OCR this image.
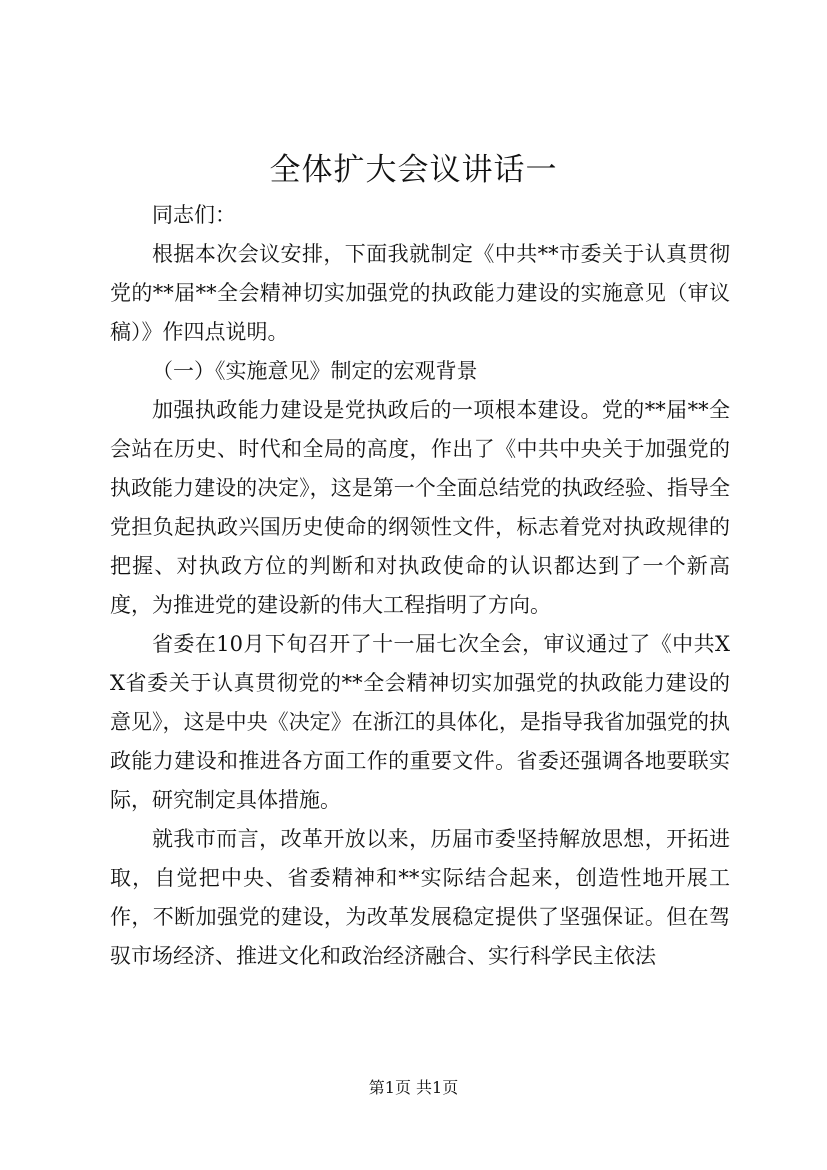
全体扩大会议讲话一

同志们：

根据本次会议安排，下面我就制定《中共**市委关于认真贯彻党的**届**全会精神切实加强党的执政能力建设的实施意见（审议稿）》作四点说明。

（一）《实施意见》制定的宏观背景

加强执政能力建设是党执政后的一项根本建设。党的**届**全会站在历史、时代和全局的高度，作出了《中共中央关于加强党的执政能力建设的决定》，这是第一个全面总结党的执政经验、指导全党担负起执政兴国历史使命的纲领性文件，标志着党对执政规律的把握、对执政方位的判断和对执政使命的认识都达到了一个新高度，为推进党的建设新的伟大工程指明了方向。

省委在10月下旬召开了十一届七次全会，审议通过了《中共XX省委关于认真贯彻党的**全会精神切实加强党的执政能力建设的意见》，这是中央《决定》在浙江的具体化，是指导我省加强党的执政能力建设和推进各方面工作的重要文件。省委还强调各地要联实际，研究制定具体措施。

就我市而言，改革开放以来，历届市委坚持解放思想，开拓进取，自觉把中央、省委精神和**实际结合起来，创造性地开展工作，不断加强党的建设，为改革发展稳定提供了坚强保证。但在驾驭市场经济、推进文化和政治经济融合、实行科学民主依法

第1页 共1页
